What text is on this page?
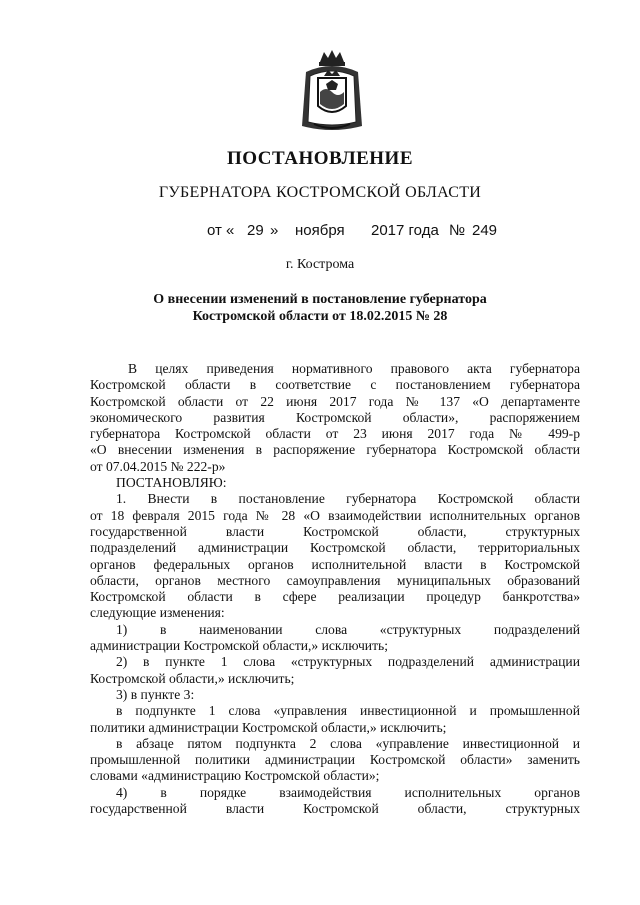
ПОСТАНОВЛЕНИЕ
ГУБЕРНАТОРА КОСТРОМСКОЙ ОБЛАСТИ

от «

29

»

ноября

2017 года

№

249

г. Кострома
О внесении изменений в постановление губернатора
Костромской области от 18.02.2015 № 28
В целях приведения нормативного правового акта губернатора
Костромской области в соответствие с постановлением губернатора
Костромской области от 22 июня 2017 года № 137 «О департаменте
экономического развития Костромской области», распоряжением
губернатора Костромской области от 23 июня 2017 года № 499-р
«О внесении изменения в распоряжение губернатора Костромской области
от 07.04.2015 № 222-р»
ПОСТАНОВЛЯЮ:
1. Внести в постановление губернатора Костромской области
от 18 февраля 2015 года № 28 «О взаимодействии исполнительных органов
государственной власти Костромской области, структурных
подразделений администрации Костромской области, территориальных
органов федеральных органов исполнительной власти в Костромской
области, органов местного самоуправления муниципальных образований
Костромской области в сфере реализации процедур банкротства»
следующие изменения:
1) в наименовании слова «структурных подразделений
администрации Костромской области,» исключить;
2) в пункте 1 слова «структурных подразделений администрации
Костромской области,» исключить;
3) в пункте 3:
в подпункте 1 слова «управления инвестиционной и промышленной
политики администрации Костромской области,» исключить;
в абзаце пятом подпункта 2 слова «управление инвестиционной и
промышленной политики администрации Костромской области» заменить
словами «администрацию Костромской области»;
4) в порядке взаимодействия исполнительных органов
государственной власти Костромской области, структурных
